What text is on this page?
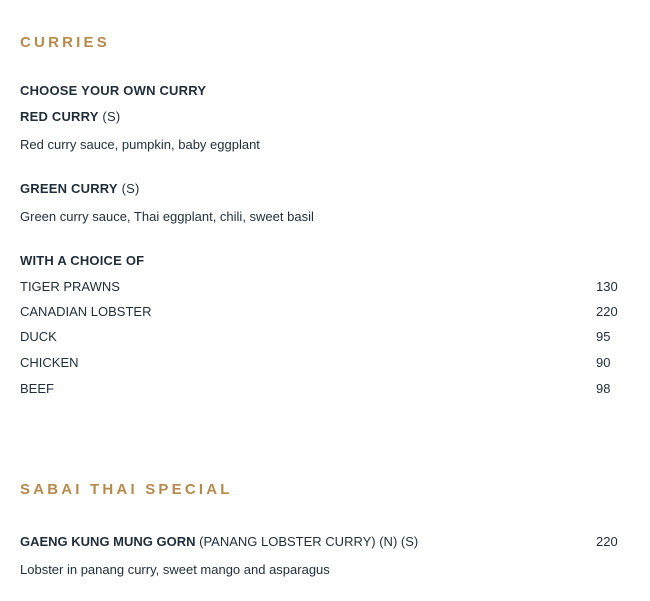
CURRIES
CHOOSE YOUR OWN CURRY
RED CURRY (S)
Red curry sauce, pumpkin, baby eggplant
GREEN CURRY (S)
Green curry sauce, Thai eggplant, chili, sweet basil
WITH A CHOICE OF
TIGER PRAWNS	130
CANADIAN LOBSTER	220
DUCK	95
CHICKEN	90
BEEF	98
SABAI THAI SPECIAL
GAENG KUNG MUNG GORN (PANANG LOBSTER CURRY) (N) (S)	220
Lobster in panang curry, sweet mango and asparagus
